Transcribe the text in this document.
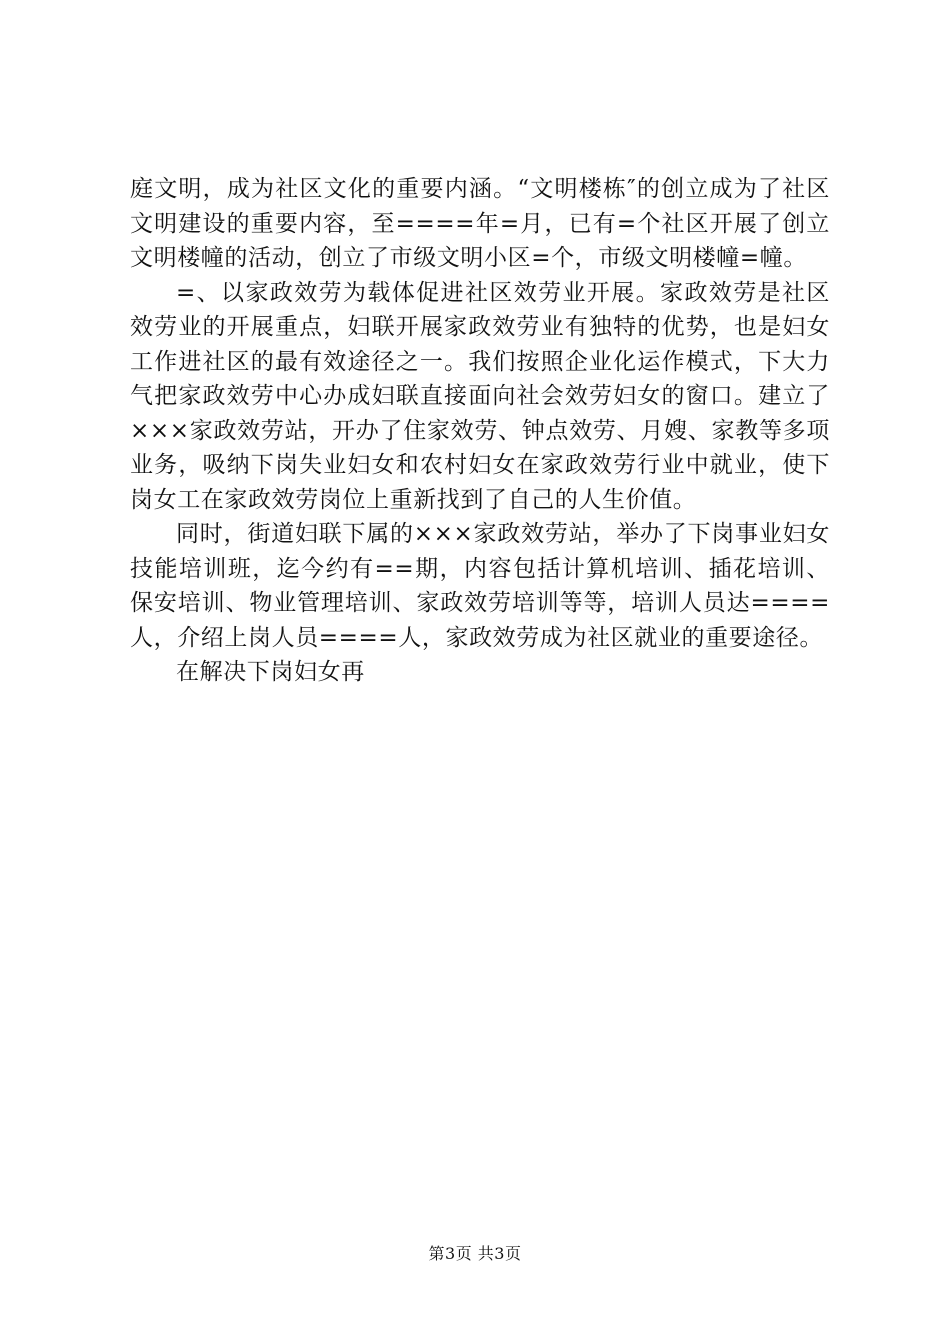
庭文明，成为社区文化的重要内涵。“文明楼栋″的创立成为了社区文明建设的重要内容，至====年=月，已有=个社区开展了创立文明楼幢的活动，创立了市级文明小区=个，市级文明楼幢=幢。

=、以家政效劳为载体促进社区效劳业开展。家政效劳是社区效劳业的开展重点，妇联开展家政效劳业有独特的优势，也是妇女工作进社区的最有效途径之一。我们按照企业化运作模式，下大力气把家政效劳中心办成妇联直接面向社会效劳妇女的窗口。建立了×××家政效劳站，开办了住家效劳、钟点效劳、月嫂、家教等多项业务，吸纳下岗失业妇女和农村妇女在家政效劳行业中就业，使下岗女工在家政效劳岗位上重新找到了自己的人生价值。

同时，街道妇联下属的×××家政效劳站，举办了下岗事业妇女技能培训班，迄今约有==期，内容包括计算机培训、插花培训、保安培训、物业管理培训、家政效劳培训等等，培训人员达====人，介绍上岗人员====人，家政效劳成为社区就业的重要途径。

在解决下岗妇女再

第3页 共3页
